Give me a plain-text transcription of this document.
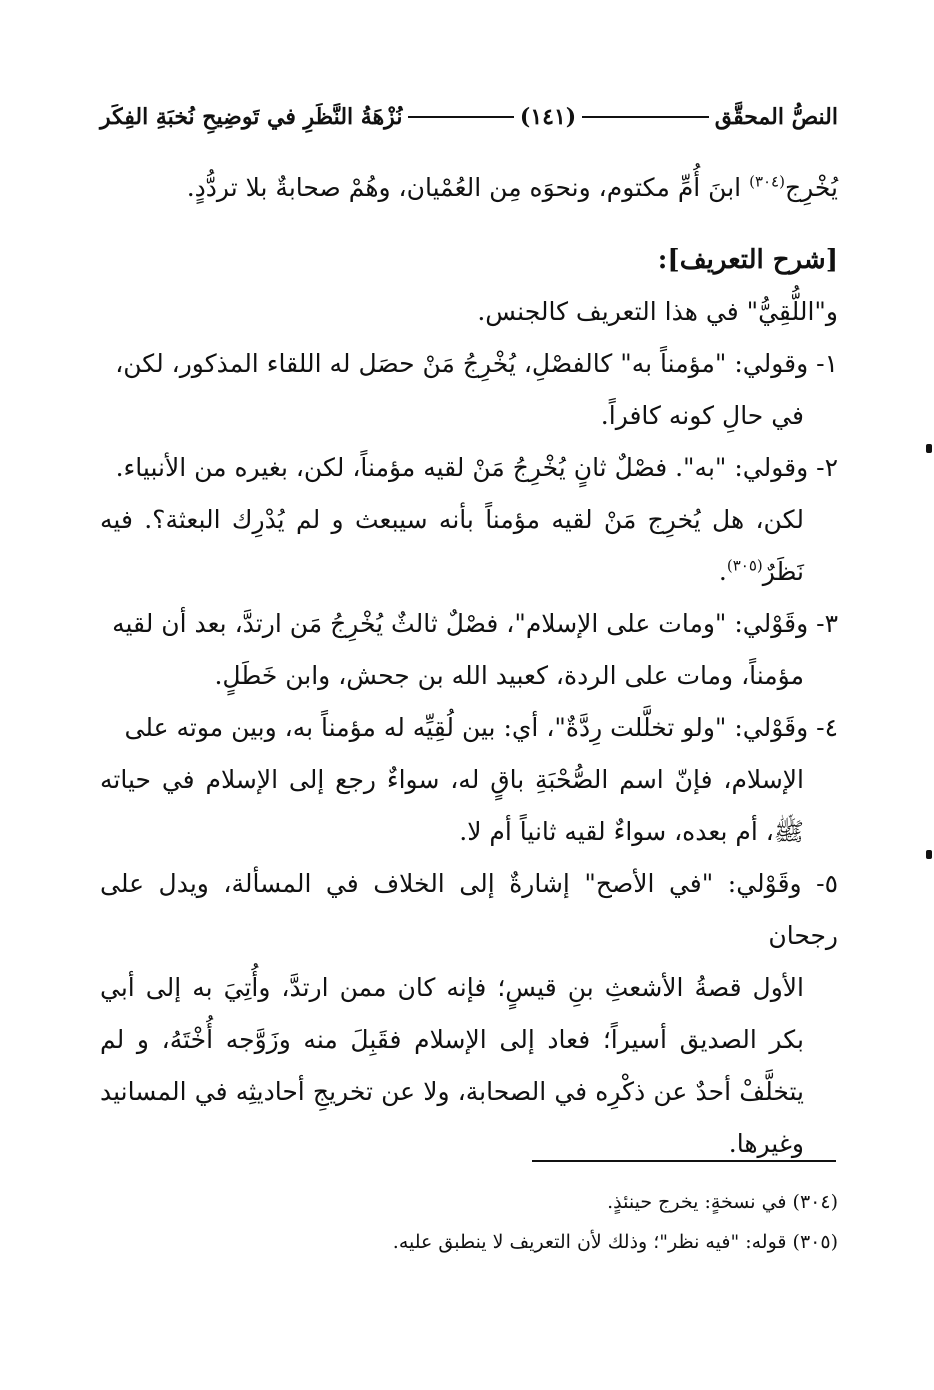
النصُّ المحقَّق
(١٤١)
نُزْهَةُ النَّظَرِ في تَوضِيحِ نُخبَةِ الفِكَر

يُخْرِج$^{(٣٠٤)}$ ابنَ أُمِّ مكتوم، ونحوَه مِن العُمْيان، وهُمْ صحابةٌ بلا تردُّدٍ.

[شرح التعريف]:

و"اللُّقِيُّ" في هذا التعريف كالجنس.

١- وقولي: "مؤمناً به" كالفصْلِ، يُخْرِجُ مَنْ حصَل له اللقاء المذكور، لكن،
في حالِ كونه كافراً.

٢- وقولي: "به". فصْلٌ ثانٍ يُخْرِجُ مَنْ لقيه مؤمناً، لكن، بغيره من الأنبياء.
لكن، هل يُخرِج مَنْ لقيه مؤمناً بأنه سيبعث و لم يُدْرِك البعثة؟. فيه نَظَرٌ$^{(٣٠٥)}$.

٣- وقَوْلي: "ومات على الإسلام"، فصْلٌ ثالثٌ يُخْرِجُ مَن ارتدَّ، بعد أن لقيه
مؤمناً، ومات على الردة، كعبيد الله بن جحش، وابن خَطَلٍ.

٤- وقَوْلي: "ولو تخلَّلت رِدَّةٌ"، أي: بين لُقِيِّه له مؤمناً به، وبين موته على
الإسلام، فإنّ اسم الصُّحْبَةِ باقٍ له، سواءٌ رجع إلى الإسلام في حياته ﷺ، أم بعده، سواءٌ لقيه ثانياً أم لا.

٥- وقَوْلي: "في الأصح" إشارةٌ إلى الخلاف في المسألة، ويدل على رجحان
الأول قصةُ الأشعثِ بنِ قيسٍ؛ فإنه كان ممن ارتدَّ، وأُتِيَ به إلى أبي بكر الصديق أسيراً؛ فعاد إلى الإسلام فقَبِلَ منه وزَوَّجه أُخْتَهُ، و لم يتخلَّفْ أحدٌ عن ذكْرِه في الصحابة، ولا عن تخريجِ أحاديثِه في المسانيد وغيرها.

(٣٠٤) في نسخةٍ: يخرج حينئذٍ.

(٣٠٥) قوله: "فيه نظر"؛ وذلك لأن التعريف لا ينطبق عليه.
